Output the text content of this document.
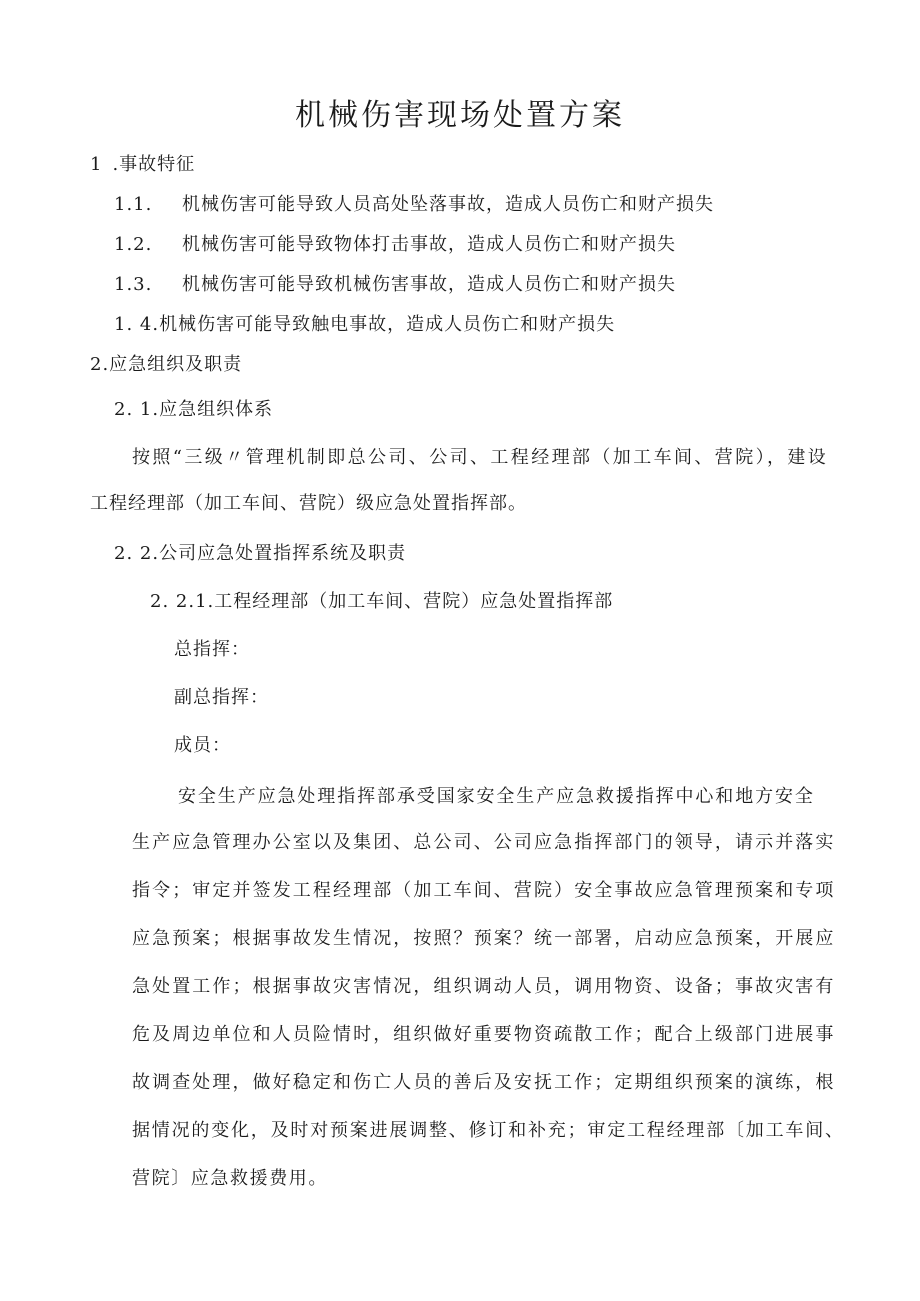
机械伤害现场处置方案
1 .事故特征
1.1. 机械伤害可能导致人员高处坠落事故，造成人员伤亡和财产损失
1.2. 机械伤害可能导致物体打击事故，造成人员伤亡和财产损失
1.3. 机械伤害可能导致机械伤害事故，造成人员伤亡和财产损失
1. 4.机械伤害可能导致触电事故，造成人员伤亡和财产损失
2.应急组织及职责
2. 1.应急组织体系
按照“三级〃管理机制即总公司、公司、工程经理部（加工车间、营院），建设
工程经理部（加工车间、营院）级应急处置指挥部。
2. 2.公司应急处置指挥系统及职责
2. 2.1.工程经理部（加工车间、营院）应急处置指挥部
总指挥：
副总指挥：
成员：
安全生产应急处理指挥部承受国家安全生产应急救援指挥中心和地方安全
生产应急管理办公室以及集团、总公司、公司应急指挥部门的领导，请示并落实
指令；审定并签发工程经理部（加工车间、营院）安全事故应急管理预案和专项
应急预案；根据事故发生情况，按照？预案？统一部署，启动应急预案，开展应
急处置工作；根据事故灾害情况，组织调动人员，调用物资、设备；事故灾害有
危及周边单位和人员险情时，组织做好重要物资疏散工作；配合上级部门进展事
故调查处理，做好稳定和伤亡人员的善后及安抚工作；定期组织预案的演练，根
据情况的变化，及时对预案进展调整、修订和补充；审定工程经理部〔加工车间、
营院〕应急救援费用。
